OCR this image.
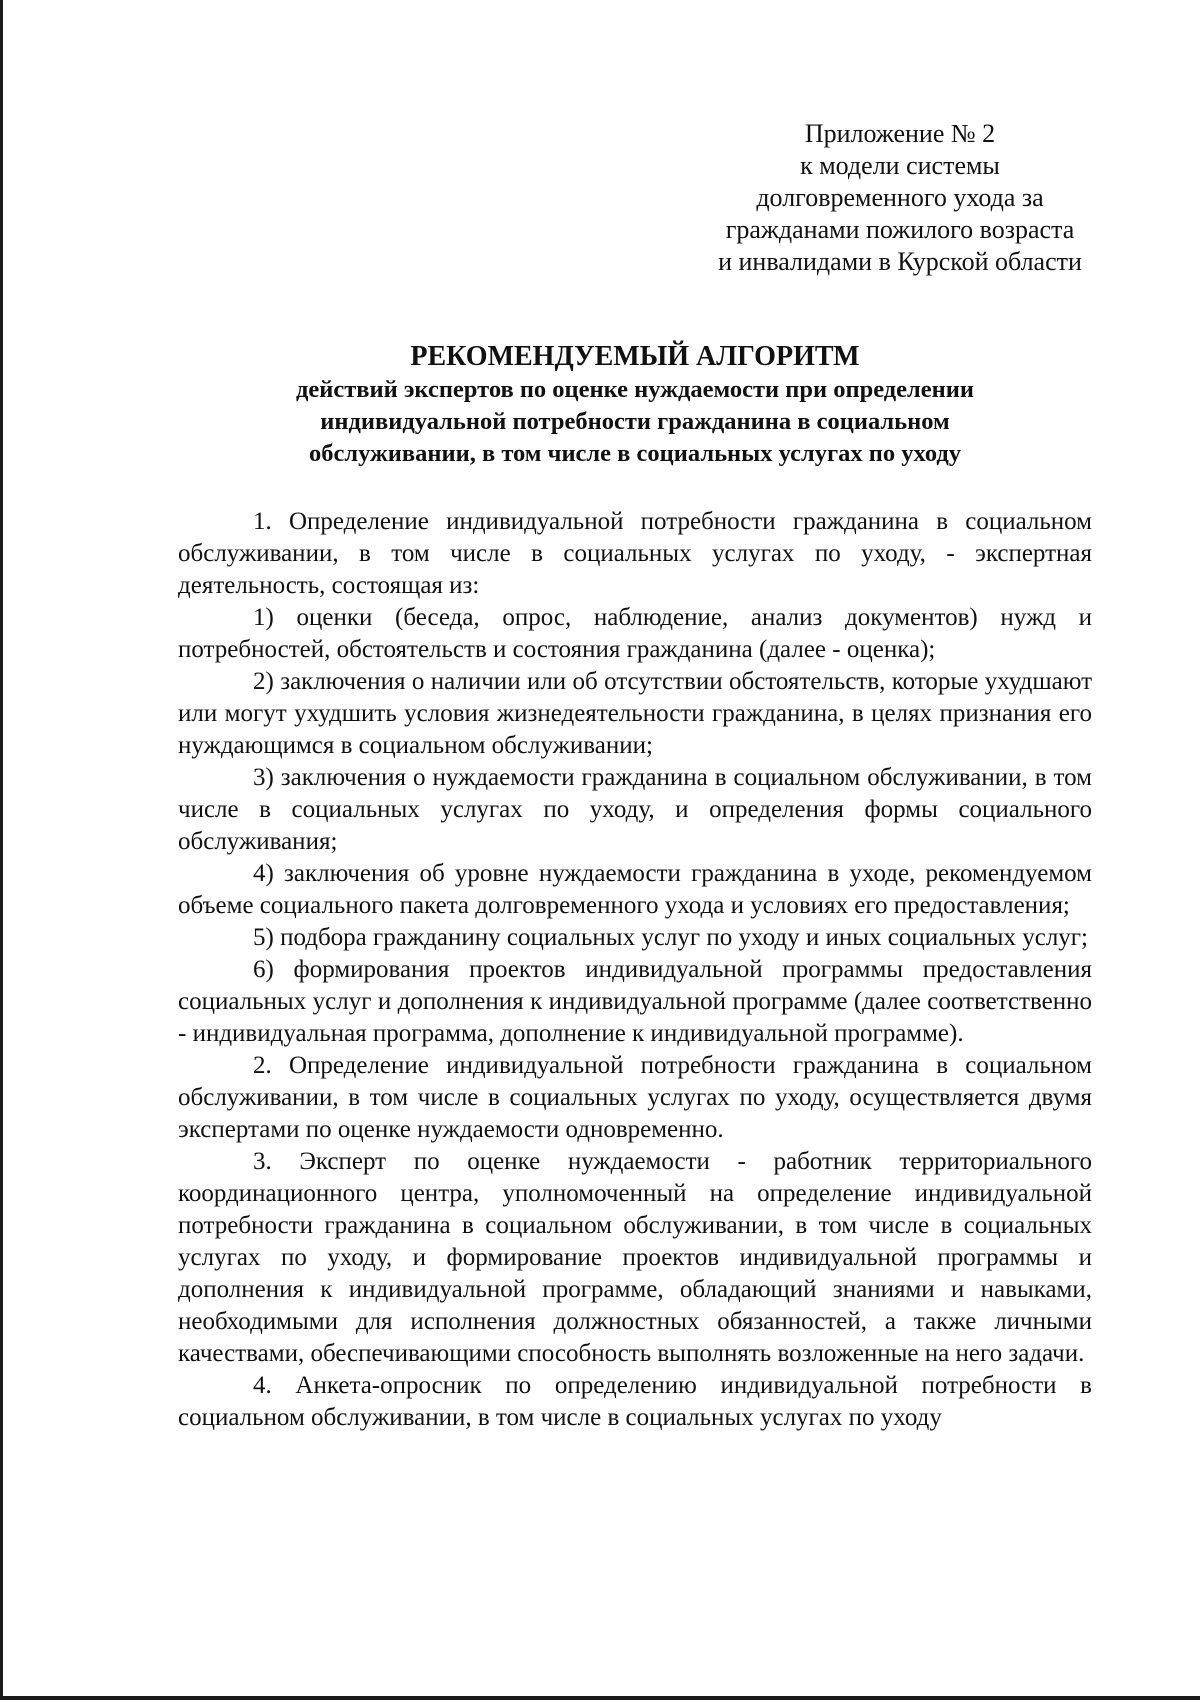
Приложение № 2
к модели системы
долговременного ухода за
гражданами пожилого возраста
и инвалидами в Курской области
РЕКОМЕНДУЕМЫЙ АЛГОРИТМ
действий экспертов по оценке нуждаемости при определении
индивидуальной потребности гражданина в социальном
обслуживании, в том числе в социальных услугах по уходу

1. Определение индивидуальной потребности гражданина в социальном обслуживании, в том числе в социальных услугах по уходу, - экспертная деятельность, состоящая из:

1) оценки (беседа, опрос, наблюдение, анализ документов) нужд и потребностей, обстоятельств и состояния гражданина (далее - оценка);

2) заключения о наличии или об отсутствии обстоятельств, которые ухудшают или могут ухудшить условия жизнедеятельности гражданина, в целях признания его нуждающимся в социальном обслуживании;

3) заключения о нуждаемости гражданина в социальном обслуживании, в том числе в социальных услугах по уходу, и определения формы социального обслуживания;

4) заключения об уровне нуждаемости гражданина в уходе, рекомендуемом объеме социального пакета долговременного ухода и условиях его предоставления;

5) подбора гражданину социальных услуг по уходу и иных социальных услуг;

6) формирования проектов индивидуальной программы предоставления социальных услуг и дополнения к индивидуальной программе (далее соответственно - индивидуальная программа, дополнение к индивидуальной программе).

2. Определение индивидуальной потребности гражданина в социальном обслуживании, в том числе в социальных услугах по уходу, осуществляется двумя экспертами по оценке нуждаемости одновременно.

3. Эксперт по оценке нуждаемости - работник территориального координационного центра, уполномоченный на определение индивидуальной потребности гражданина в социальном обслуживании, в том числе в социальных услугах по уходу, и формирование проектов индивидуальной программы и дополнения к индивидуальной программе, обладающий знаниями и навыками, необходимыми для исполнения должностных обязанностей, а также личными качествами, обеспечивающими способность выполнять возложенные на него задачи.

4. Анкета-опросник по определению индивидуальной потребности в социальном обслуживании, в том числе в социальных услугах по уходу
